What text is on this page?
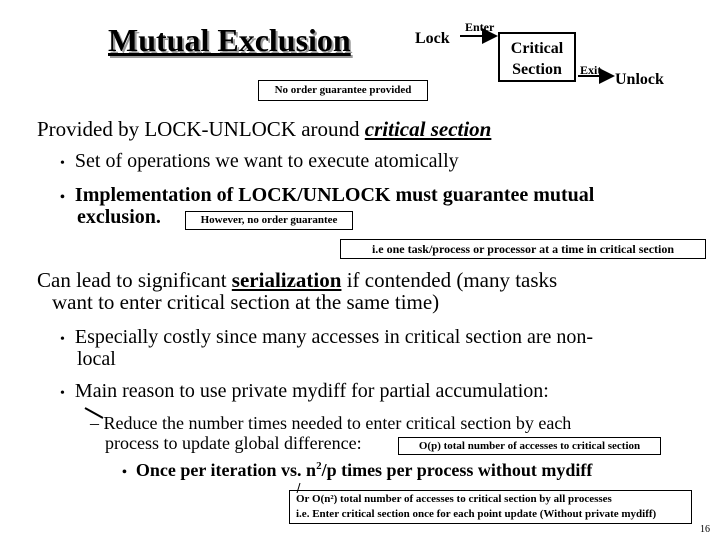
Mutual Exclusion	Lock
Enter
Critical
Section	Exit
Unlock
No order guarantee provided
Provided by LOCK-UNLOCK around critical section
• Set of operations we want to execute atomically
• Implementation of LOCK/UNLOCK must guarantee mutual
exclusion.	However, no order guarantee
i.e one task/process or processor at a time in critical section
Can lead to significant serialization if contended (many tasks
want to enter critical section at the same time)
• Especially costly since many accesses in critical section are non-
local
• Main reason to use private mydiff for partial accumulation:
– Reduce the number times needed to enter critical section by each
process to update global difference:	O(p) total number of accesses to critical section
• Once per iteration vs. $n^2/p$ times per process without mydiff
Or O(n²) total number of accesses to critical section by all processes
i.e. Enter critical section once for each point update (Without private mydiff)
16
